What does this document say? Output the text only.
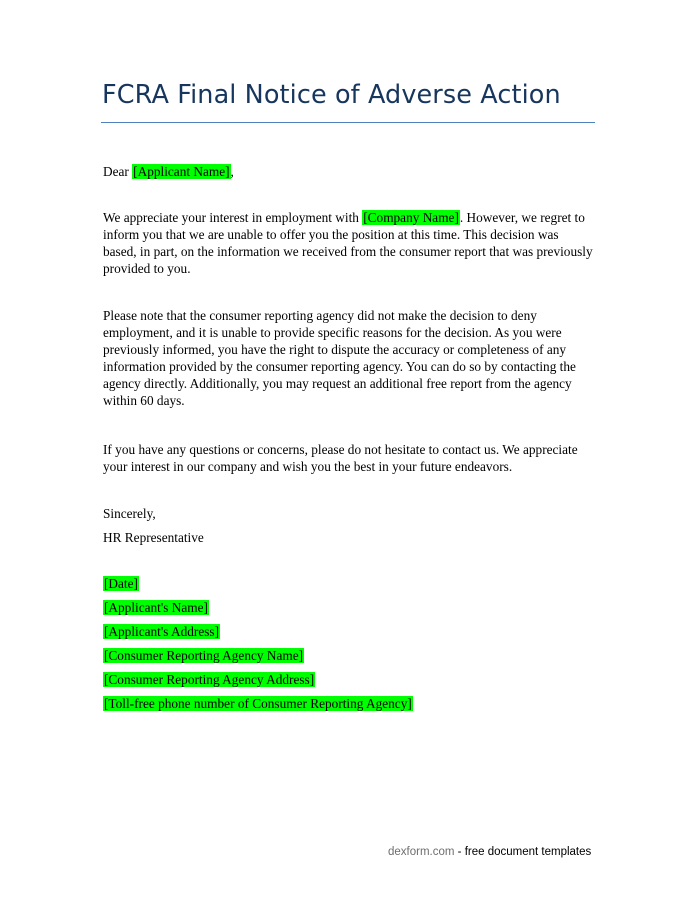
FCRA Final Notice of Adverse Action

Dear [Applicant Name],

We appreciate your interest in employment with [Company Name]. However, we regret to inform you that we are unable to offer you the position at this time. This decision was based, in part, on the information we received from the consumer report that was previously provided to you.

Please note that the consumer reporting agency did not make the decision to deny employment, and it is unable to provide specific reasons for the decision. As you were previously informed, you have the right to dispute the accuracy or completeness of any information provided by the consumer reporting agency. You can do so by contacting the agency directly. Additionally, you may request an additional free report from the agency within 60 days.

If you have any questions or concerns, please do not hesitate to contact us. We appreciate your interest in our company and wish you the best in your future endeavors.

Sincerely,
HR Representative
[Date]
[Applicant's Name]
[Applicant's Address]
[Consumer Reporting Agency Name]
[Consumer Reporting Agency Address]
[Toll-free phone number of Consumer Reporting Agency]
dexform.com - free document templates
